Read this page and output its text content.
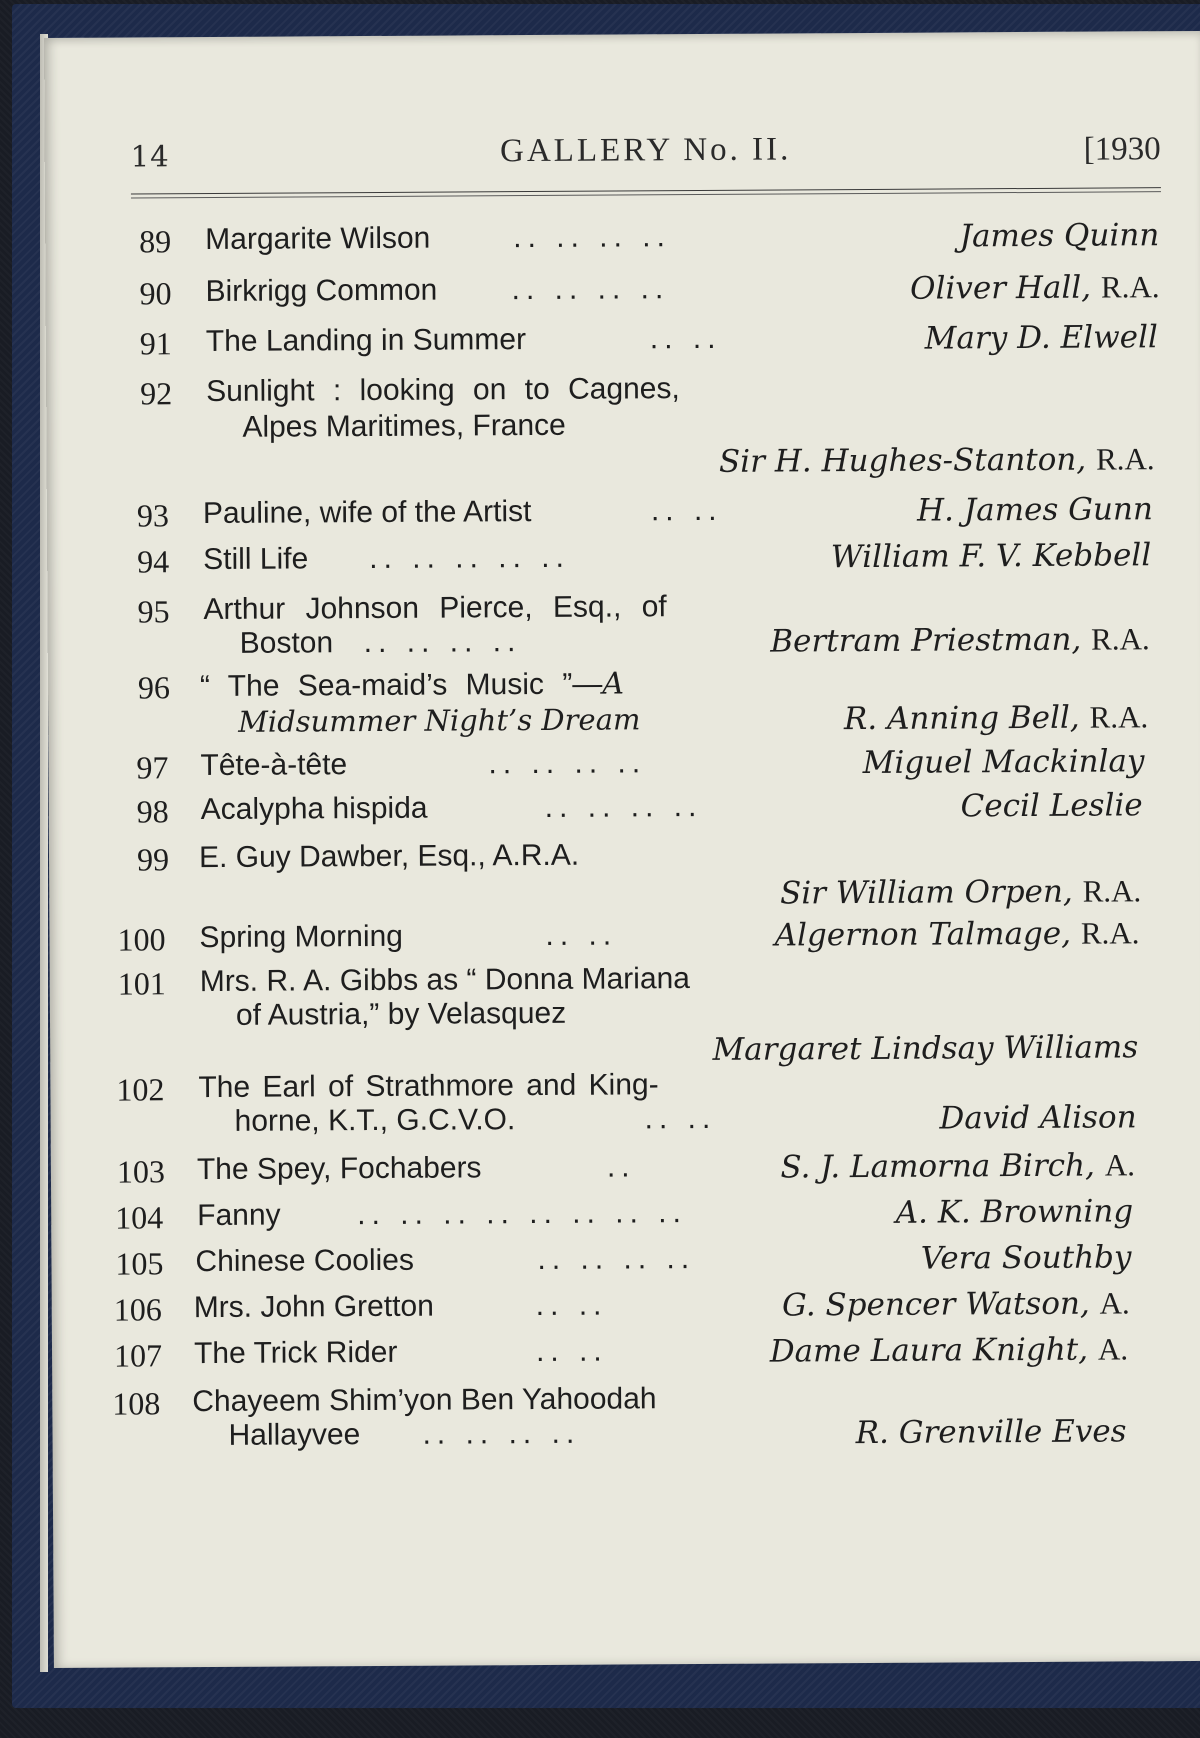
14	GALLERY No. II.	[1930
89 Margarite Wilson	.. .. .. ..	James Quinn
90 Birkrigg Common .. .. .. ..	Oliver Hall, R.A.
91 The Landing in Summer	.. ..	Mary D. Elwell
92 Sunlight : looking on to Cagnes,
Alpes Maritimes, France
Sir H. Hughes-Stanton, R.A.
93 Pauline, wife of the Artist	.. ..	H. James Gunn
94 Still Life .. .. .. .. ..	William F. V. Kebbell
95 Arthur Johnson Pierce, Esq., of
Boston .. .. .. ..	Bertram Priestman, R.A.
96 “ The Sea-maid’s Music ”—A
Midsummer Night’s Dream	R. Anning Bell, R.A.
97 Tête-à-tête	.. .. .. ..	Miguel Mackinlay
98 Acalypha hispida	.. .. .. ..	Cecil Leslie
99 E. Guy Dawber, Esq., A.R.A.
Sir William Orpen, R.A.
100 Spring Morning	.. ..	Algernon Talmage, R.A.
101 Mrs. R. A. Gibbs as “ Donna Mariana
of Austria,” by Velasquez
Margaret Lindsay Williams
102 The Earl of Strathmore and King-
horne, K.T., G.C.V.O.	.. ..	David Alison
103 The Spey, Fochabers	..	S. J. Lamorna Birch, A.
104 Fanny	.. .. .. .. .. .. .. ..	A. K. Browning
105 Chinese Coolies	.. .. .. ..	Vera Southby
106 Mrs. John Gretton	.. ..	G. Spencer Watson, A.
107 The Trick Rider	.. ..	Dame Laura Knight, A.
108 Chayeem Shim’yon Ben Yahoodah
Hallayvee .. .. .. ..	R. Grenville Eves
